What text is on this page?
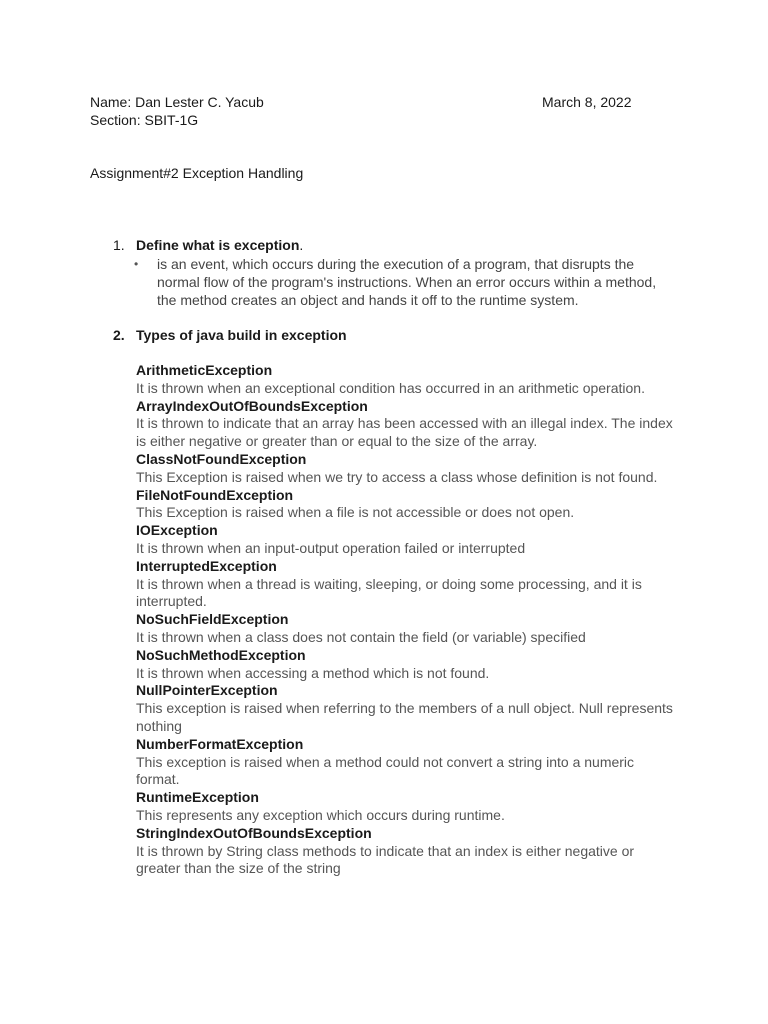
Name: Dan Lester C. Yacub
Section: SBIT-1G
March 8, 2022
Assignment#2 Exception Handling
1. Define what is exception.
• is an event, which occurs during the execution of a program, that disrupts the normal flow of the program's instructions. When an error occurs within a method, the method creates an object and hands it off to the runtime system.
2. Types of java build in exception
ArithmeticException
It is thrown when an exceptional condition has occurred in an arithmetic operation.
ArrayIndexOutOfBoundsException
It is thrown to indicate that an array has been accessed with an illegal index. The index is either negative or greater than or equal to the size of the array.
ClassNotFoundException
This Exception is raised when we try to access a class whose definition is not found.
FileNotFoundException
This Exception is raised when a file is not accessible or does not open.
IOException
It is thrown when an input-output operation failed or interrupted
InterruptedException
It is thrown when a thread is waiting, sleeping, or doing some processing, and it is interrupted.
NoSuchFieldException
It is thrown when a class does not contain the field (or variable) specified
NoSuchMethodException
It is thrown when accessing a method which is not found.
NullPointerException
This exception is raised when referring to the members of a null object. Null represents nothing
NumberFormatException
This exception is raised when a method could not convert a string into a numeric format.
RuntimeException
This represents any exception which occurs during runtime.
StringIndexOutOfBoundsException
It is thrown by String class methods to indicate that an index is either negative or greater than the size of the string
